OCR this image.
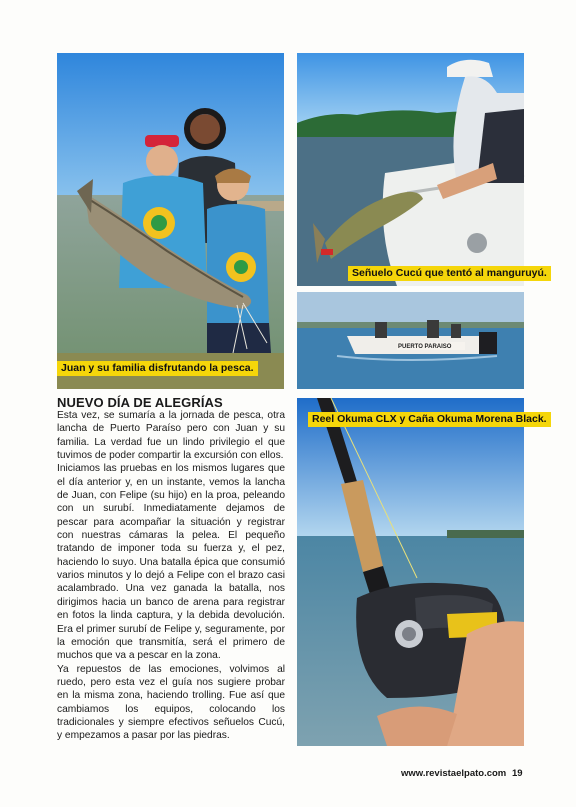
Juan y su familia disfrutando la pesca.
Señuelo Cucú que tentó al manguruyú.
PUERTO PARAISO
Reel Okuma CLX y Caña Okuma Morena Black.
NUEVO DÍA DE ALEGRÍAS

Esta vez, se sumaría a la jornada de pesca, otra lancha de Puerto Paraíso pero con Juan y su familia. La verdad fue un lindo privilegio el que tuvimos de poder compartir la excursión con ellos.

Iniciamos las pruebas en los mismos lugares que el día anterior y, en un instante, vemos la lancha de Juan, con Felipe (su hijo) en la proa, peleando con un surubí. Inmediatamente dejamos de pescar para acompañar la situación y registrar con nuestras cámaras la pelea. El pequeño tratando de imponer toda su fuerza y, el pez, haciendo lo suyo. Una batalla épica que consumió varios minutos y lo dejó a Felipe con el brazo casi acalambrado. Una vez ganada la batalla, nos dirigimos hacia un banco de arena para registrar en fotos la linda captura, y la debida devolución. Era el primer surubí de Felipe y, seguramente, por la emoción que transmitía, será el primero de muchos que va a pescar en la zona.

Ya repuestos de las emociones, volvimos al ruedo, pero esta vez el guía nos sugiere probar en la misma zona, haciendo trolling. Fue así que cambiamos los equipos, colocando los tradicionales y siempre efectivos señuelos Cucú, y empezamos a pasar por las piedras.

www.revistaelpato.com 19
